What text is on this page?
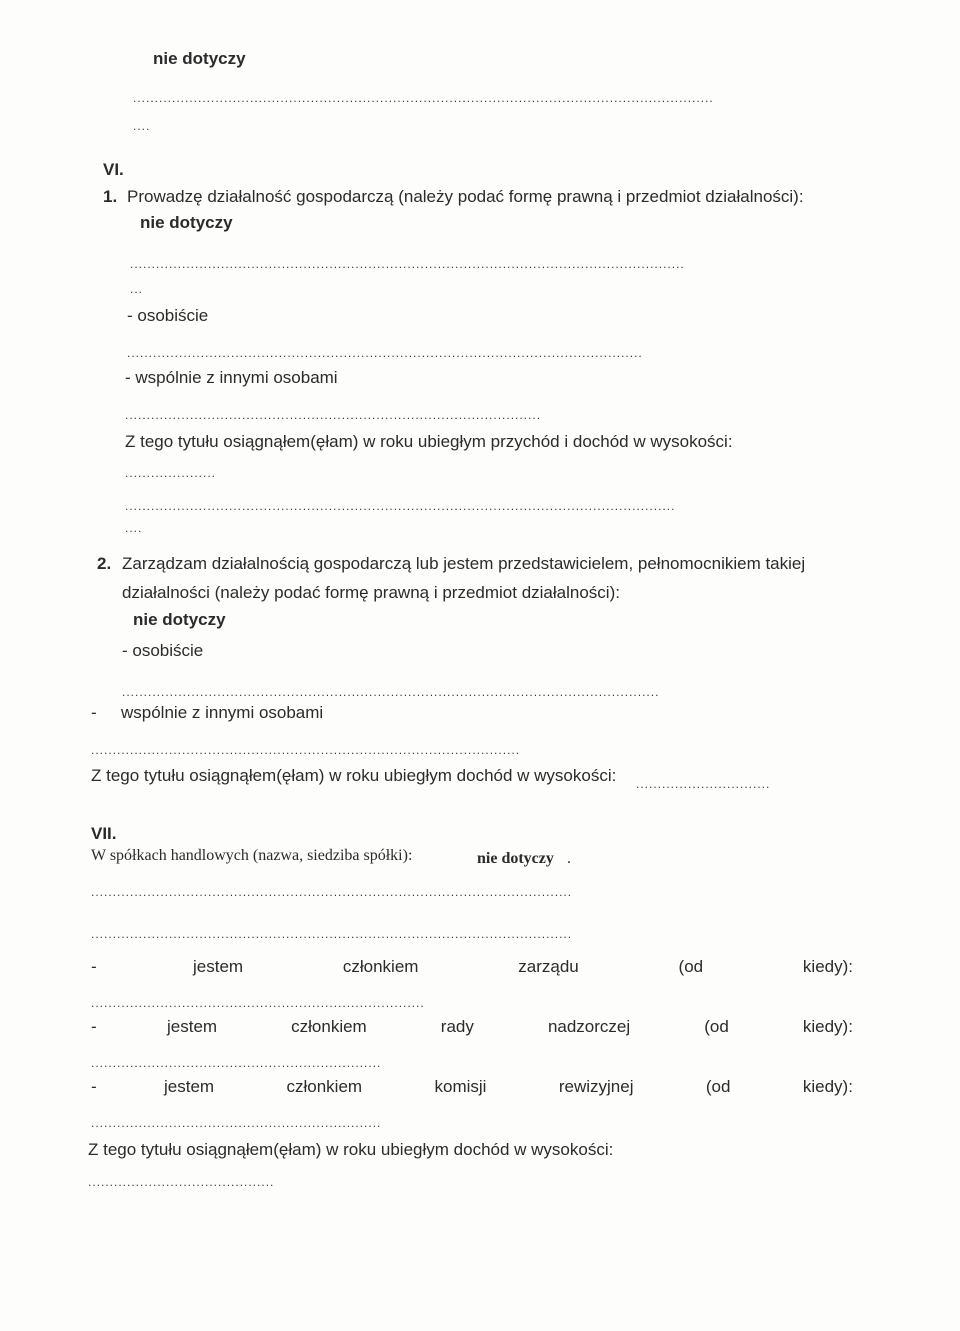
nie dotyczy
......................................................................................................................................
....
VI.
1. Prowadzę działalność gospodarczą (należy podać formę prawną i przedmiot działalności):
nie dotyczy
................................................................................................................................
...
- osobiście
.......................................................................................................................
- wspólnie z innymi osobami
................................................................................................
Z tego tytułu osiągnąłem(ęłam) w roku ubiegłym przychód i dochód w wysokości:
.....................
...............................................................................................................................
....
2. Zarządzam działalnością gospodarczą lub jestem przedstawicielem, pełnomocnikiem takiej
działalności (należy podać formę prawną i przedmiot działalności):
nie dotyczy
- osobiście
............................................................................................................................
- wspólnie z innymi osobami
...................................................................................................
Z tego tytułu osiągnąłem(ęłam) w roku ubiegłym dochód w wysokości: ...............................
VII.
W spółkach handlowych (nazwa, siedziba spółki):	nie dotyczy .
...............................................................................................................
...............................................................................................................
-	jestem	członkiem	zarządu	(od	kiedy):
.............................................................................
-	jestem	członkiem	rady	nadzorczej	(od	kiedy):
...................................................................
-	jestem	członkiem	komisji	rewizyjnej	(od	kiedy):
...................................................................
Z tego tytułu osiągnąłem(ęłam) w roku ubiegłym dochód w wysokości:
...........................................
